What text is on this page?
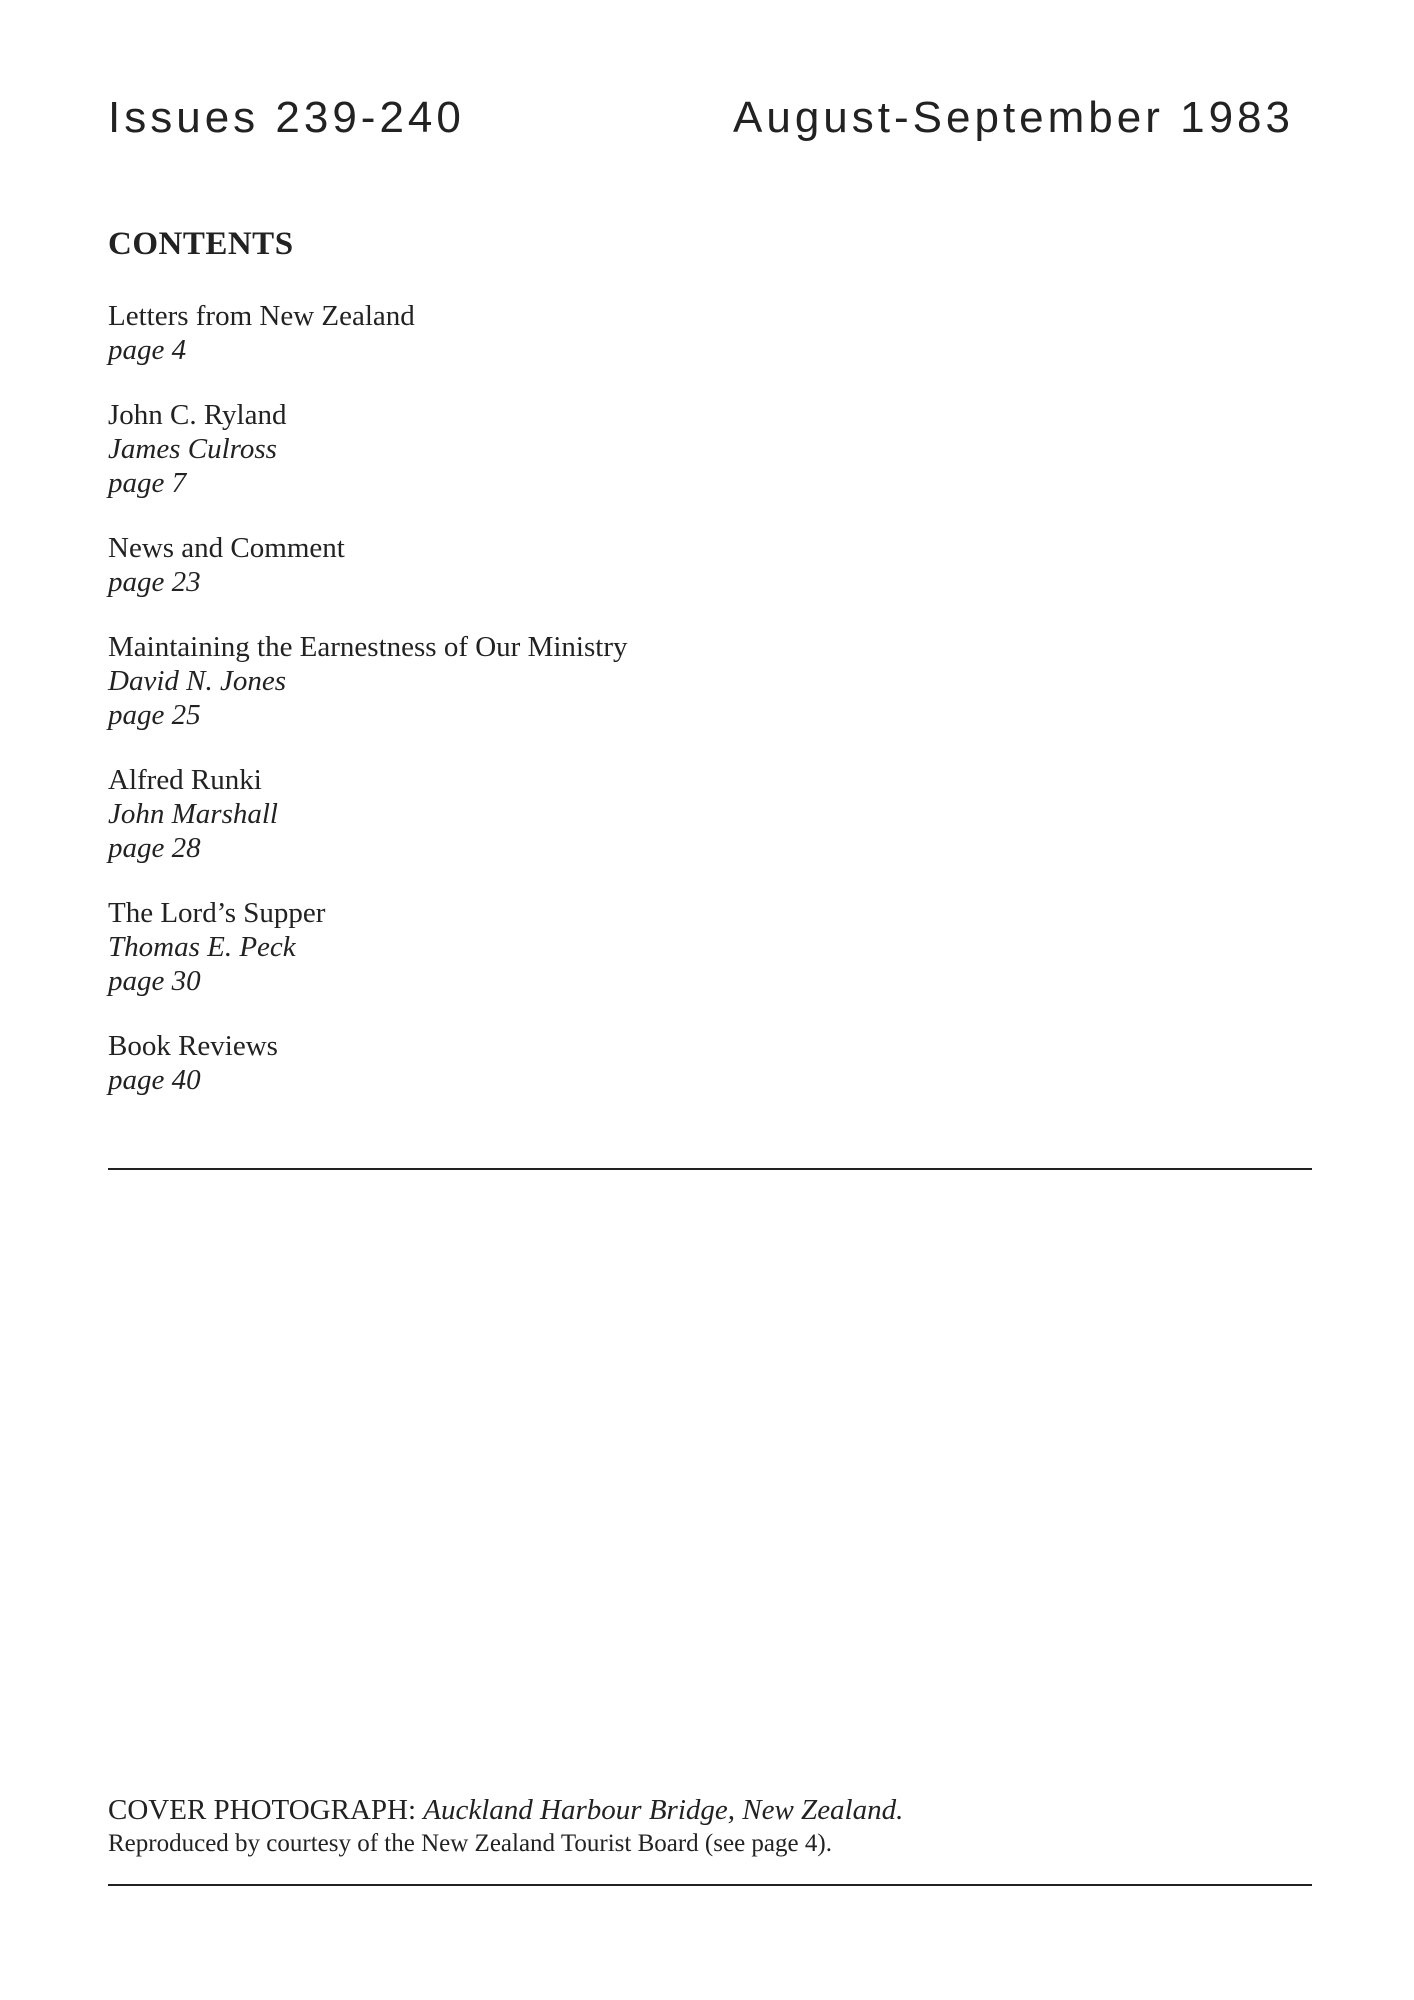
Issues 239-240	August-September 1983
CONTENTS
Letters from New Zealand
page 4
John C. Ryland
James Culross
page 7
News and Comment
page 23
Maintaining the Earnestness of Our Ministry
David N. Jones
page 25
Alfred Runki
John Marshall
page 28
The Lord’s Supper
Thomas E. Peck
page 30
Book Reviews
page 40
COVER PHOTOGRAPH: Auckland Harbour Bridge, New Zealand.
Reproduced by courtesy of the New Zealand Tourist Board (see page 4).
